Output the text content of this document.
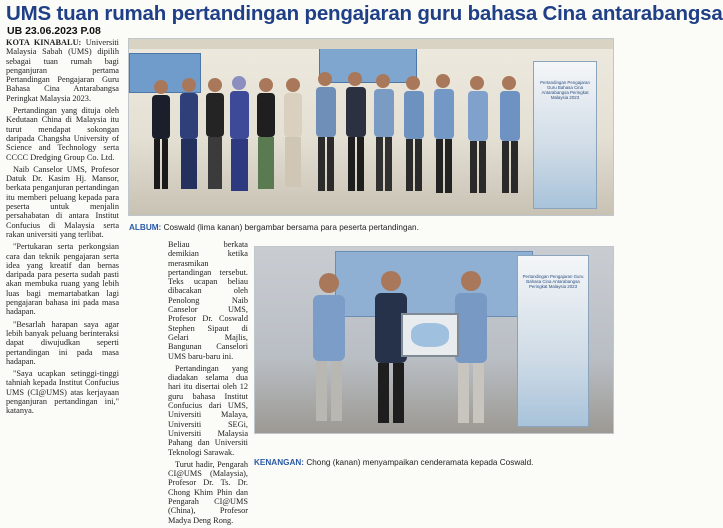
UMS tuan rumah pertandingan pengajaran guru bahasa Cina antarabangsa
UB 23.06.2023 P.08

KOTA KINABALU: Universiti Malaysia Sabah (UMS) dipilih sebagai tuan rumah bagi penganjuran pertama Pertandingan Pengajaran Guru Bahasa Cina Antarabangsa Peringkat Malaysia 2023.

Pertandingan yang dituja oleh Kedutaan China di Malaysia itu turut mendapat sokongan daripada Changsha University of Science and Technology serta CCCC Dredging Group Co. Ltd.

Naib Canselor UMS, Profesor Datuk Dr. Kasim Hj. Mansor, berkata penganjuran pertandingan itu memberi peluang kepada para peserta untuk menjalin persahabatan di antara Institut Confucius di Malaysia serta rakan universiti yang terlibat.

"Pertukaran serta perkongsian cara dan teknik pengajaran serta idea yang kreatif dan bernas daripada para peserta sudah pasti akan membuka ruang yang lebih luas bagi memartabatkan lagi pengajaran bahasa ini pada masa hadapan.

"Besarlah harapan saya agar lebih banyak peluang berinteraksi dapat diwujudkan seperti pertandingan ini pada masa hadapan.

"Saya ucapkan setinggi-tinggi tahniah kepada Institut Confucius UMS (CI@UMS) atas kerjayaan penganjuran pertandingan ini," katanya.

Pertandingan Pengajaran Guru Bahasa Cina Antarabangsa Peringkat Malaysia 2023
ALBUM: Coswald (lima kanan) bergambar bersama para peserta pertandingan.

Beliau berkata demikian ketika merasmikan pertandingan tersebut. Teks ucapan beliau dibacakan oleh Penolong Naib Canselor UMS, Profesor Dr. Coswald Stephen Sipaut di Gelari Majlis, Bangunan Canselori UMS baru-baru ini.

Pertandingan yang diadakan selama dua hari itu disertai oleh 12 guru bahasa Institut Confucius dari UMS, Universiti Malaya, Universiti SEGi, Universiti Malaysia Pahang dan Universiti Teknologi Sarawak.

Turut hadir, Pengarah CI@UMS (Malaysia), Profesor Dr. Ts. Dr. Chong Khim Phin dan Pengarah CI@UMS (China), Profesor Madya Deng Rong.

Pertandingan Pengajaran Guru Bahasa Cina Antarabangsa Peringkat Malaysia 2023
KENANGAN: Chong (kanan) menyampaikan cenderamata kepada Coswald.
